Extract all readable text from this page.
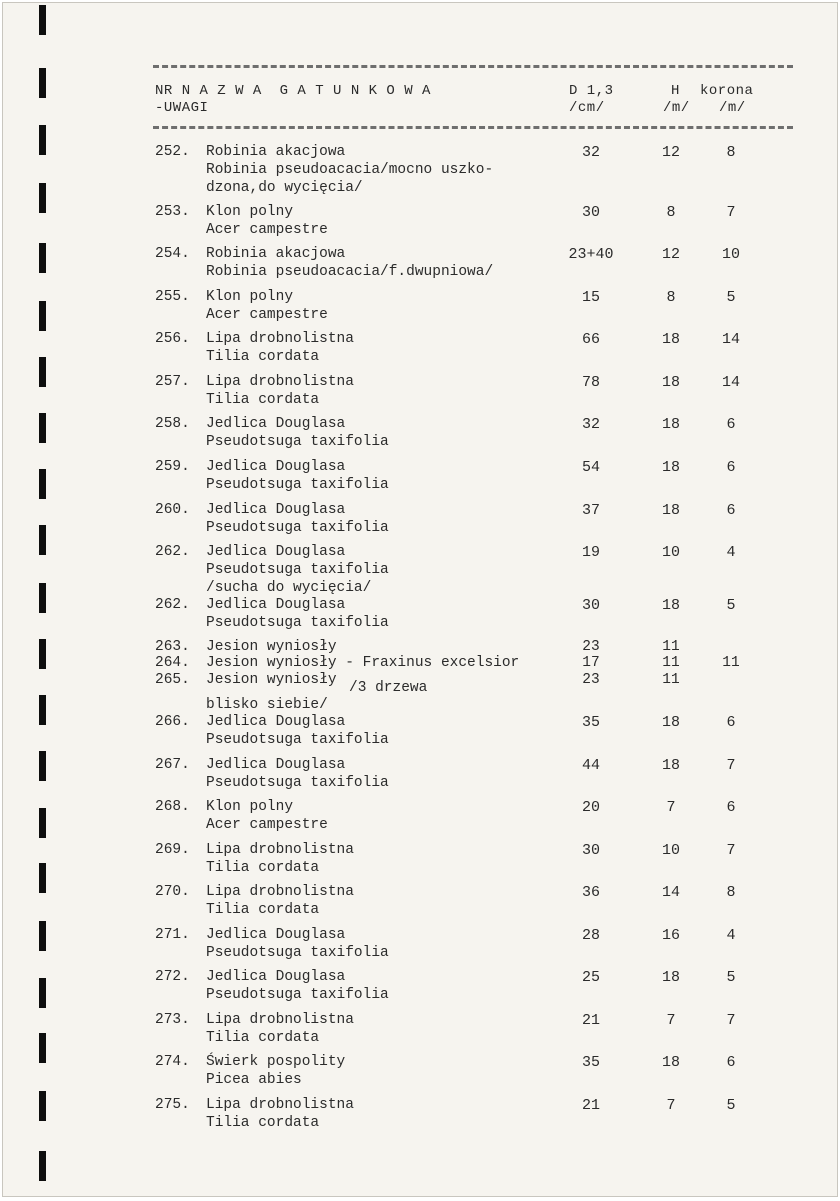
NR N A Z W A  G A T U N K O W A
-UWAGI
D 1,3
/cm/
H
/m/
korona
/m/
252. Robinia akacjowa
Robinia pseudoacacia/mocno uszko-
32	12	8
dzona,do wycięcia/
253. Klon polny
Acer campestre
30	8	7
254. Robinia akacjowa
Robinia pseudoacacia/f.dwupniowa/
23+40	12	10
255. Klon polny
Acer campestre
15	8	5
256. Lipa drobnolistna
Tilia cordata
66	18	14
257. Lipa drobnolistna
Tilia cordata
78	18	14
258. Jedlica Douglasa
Pseudotsuga taxifolia
32	18	6
259. Jedlica Douglasa
Pseudotsuga taxifolia
54	18	6
260. Jedlica Douglasa
Pseudotsuga taxifolia
37	18	6
262. Jedlica Douglasa
Pseudotsuga taxifolia
19	10	4
/sucha do wycięcia/
262. Jedlica Douglasa
Pseudotsuga taxifolia
30	18	5
263. Jesion wyniosły	23	11
264. Jesion wyniosły - Fraxinus excelsior	17	11	11
265. Jesion wyniosły /3 drzewa
blisko siebie/
23	11
266. Jedlica Douglasa
Pseudotsuga taxifolia
35	18	6
267. Jedlica Douglasa
Pseudotsuga taxifolia
44	18	7
268. Klon polny
Acer campestre
20	7	6
269. Lipa drobnolistna
Tilia cordata
30	10	7
270. Lipa drobnolistna
Tilia cordata
36	14	8
271. Jedlica Douglasa
Pseudotsuga taxifolia
28	16	4
272. Jedlica Douglasa
Pseudotsuga taxifolia
25	18	5
273. Lipa drobnolistna
Tilia cordata
21	7	7
274. Świerk pospolity
Picea abies
35	18	6
275. Lipa drobnolistna
Tilia cordata
21	7	5
